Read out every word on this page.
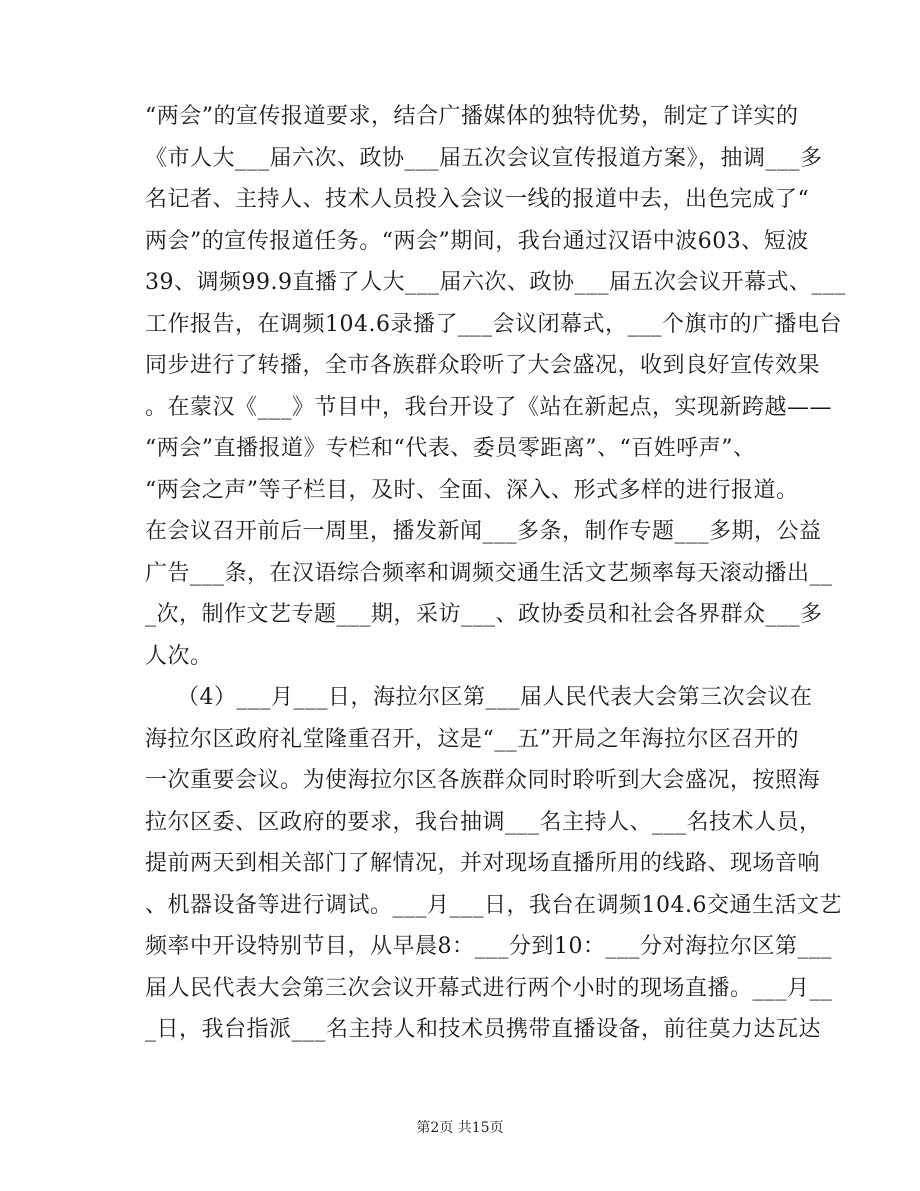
“两会”的宣传报道要求，结合广播媒体的独特优势，制定了详实的
《市人大___届六次、政协___届五次会议宣传报道方案》，抽调___多
名记者、主持人、技术人员投入会议一线的报道中去，出色完成了“
两会”的宣传报道任务。“两会”期间，我台通过汉语中波603、短波
39、调频99.9直播了人大___届六次、政协___届五次会议开幕式、___
工作报告，在调频104.6录播了___会议闭幕式，___个旗市的广播电台
同步进行了转播，全市各族群众聆听了大会盛况，收到良好宣传效果
。在蒙汉《___》节目中，我台开设了《站在新起点，实现新跨越——
“两会”直播报道》专栏和“代表、委员零距离”、“百姓呼声”、
“两会之声”等子栏目，及时、全面、深入、形式多样的进行报道。
在会议召开前后一周里，播发新闻___多条，制作专题___多期，公益
广告___条，在汉语综合频率和调频交通生活文艺频率每天滚动播出__
_次，制作文艺专题___期，采访___、政协委员和社会各界群众___多
人次。
（4）___月___日，海拉尔区第___届人民代表大会第三次会议在
海拉尔区政府礼堂隆重召开，这是“__五”开局之年海拉尔区召开的
一次重要会议。为使海拉尔区各族群众同时聆听到大会盛况，按照海
拉尔区委、区政府的要求，我台抽调___名主持人、___名技术人员，
提前两天到相关部门了解情况，并对现场直播所用的线路、现场音响
、机器设备等进行调试。___月___日，我台在调频104.6交通生活文艺
频率中开设特别节目，从早晨8：___分到10：___分对海拉尔区第___
届人民代表大会第三次会议开幕式进行两个小时的现场直播。___月__
_日，我台指派___名主持人和技术员携带直播设备，前往莫力达瓦达
第2页 共15页
